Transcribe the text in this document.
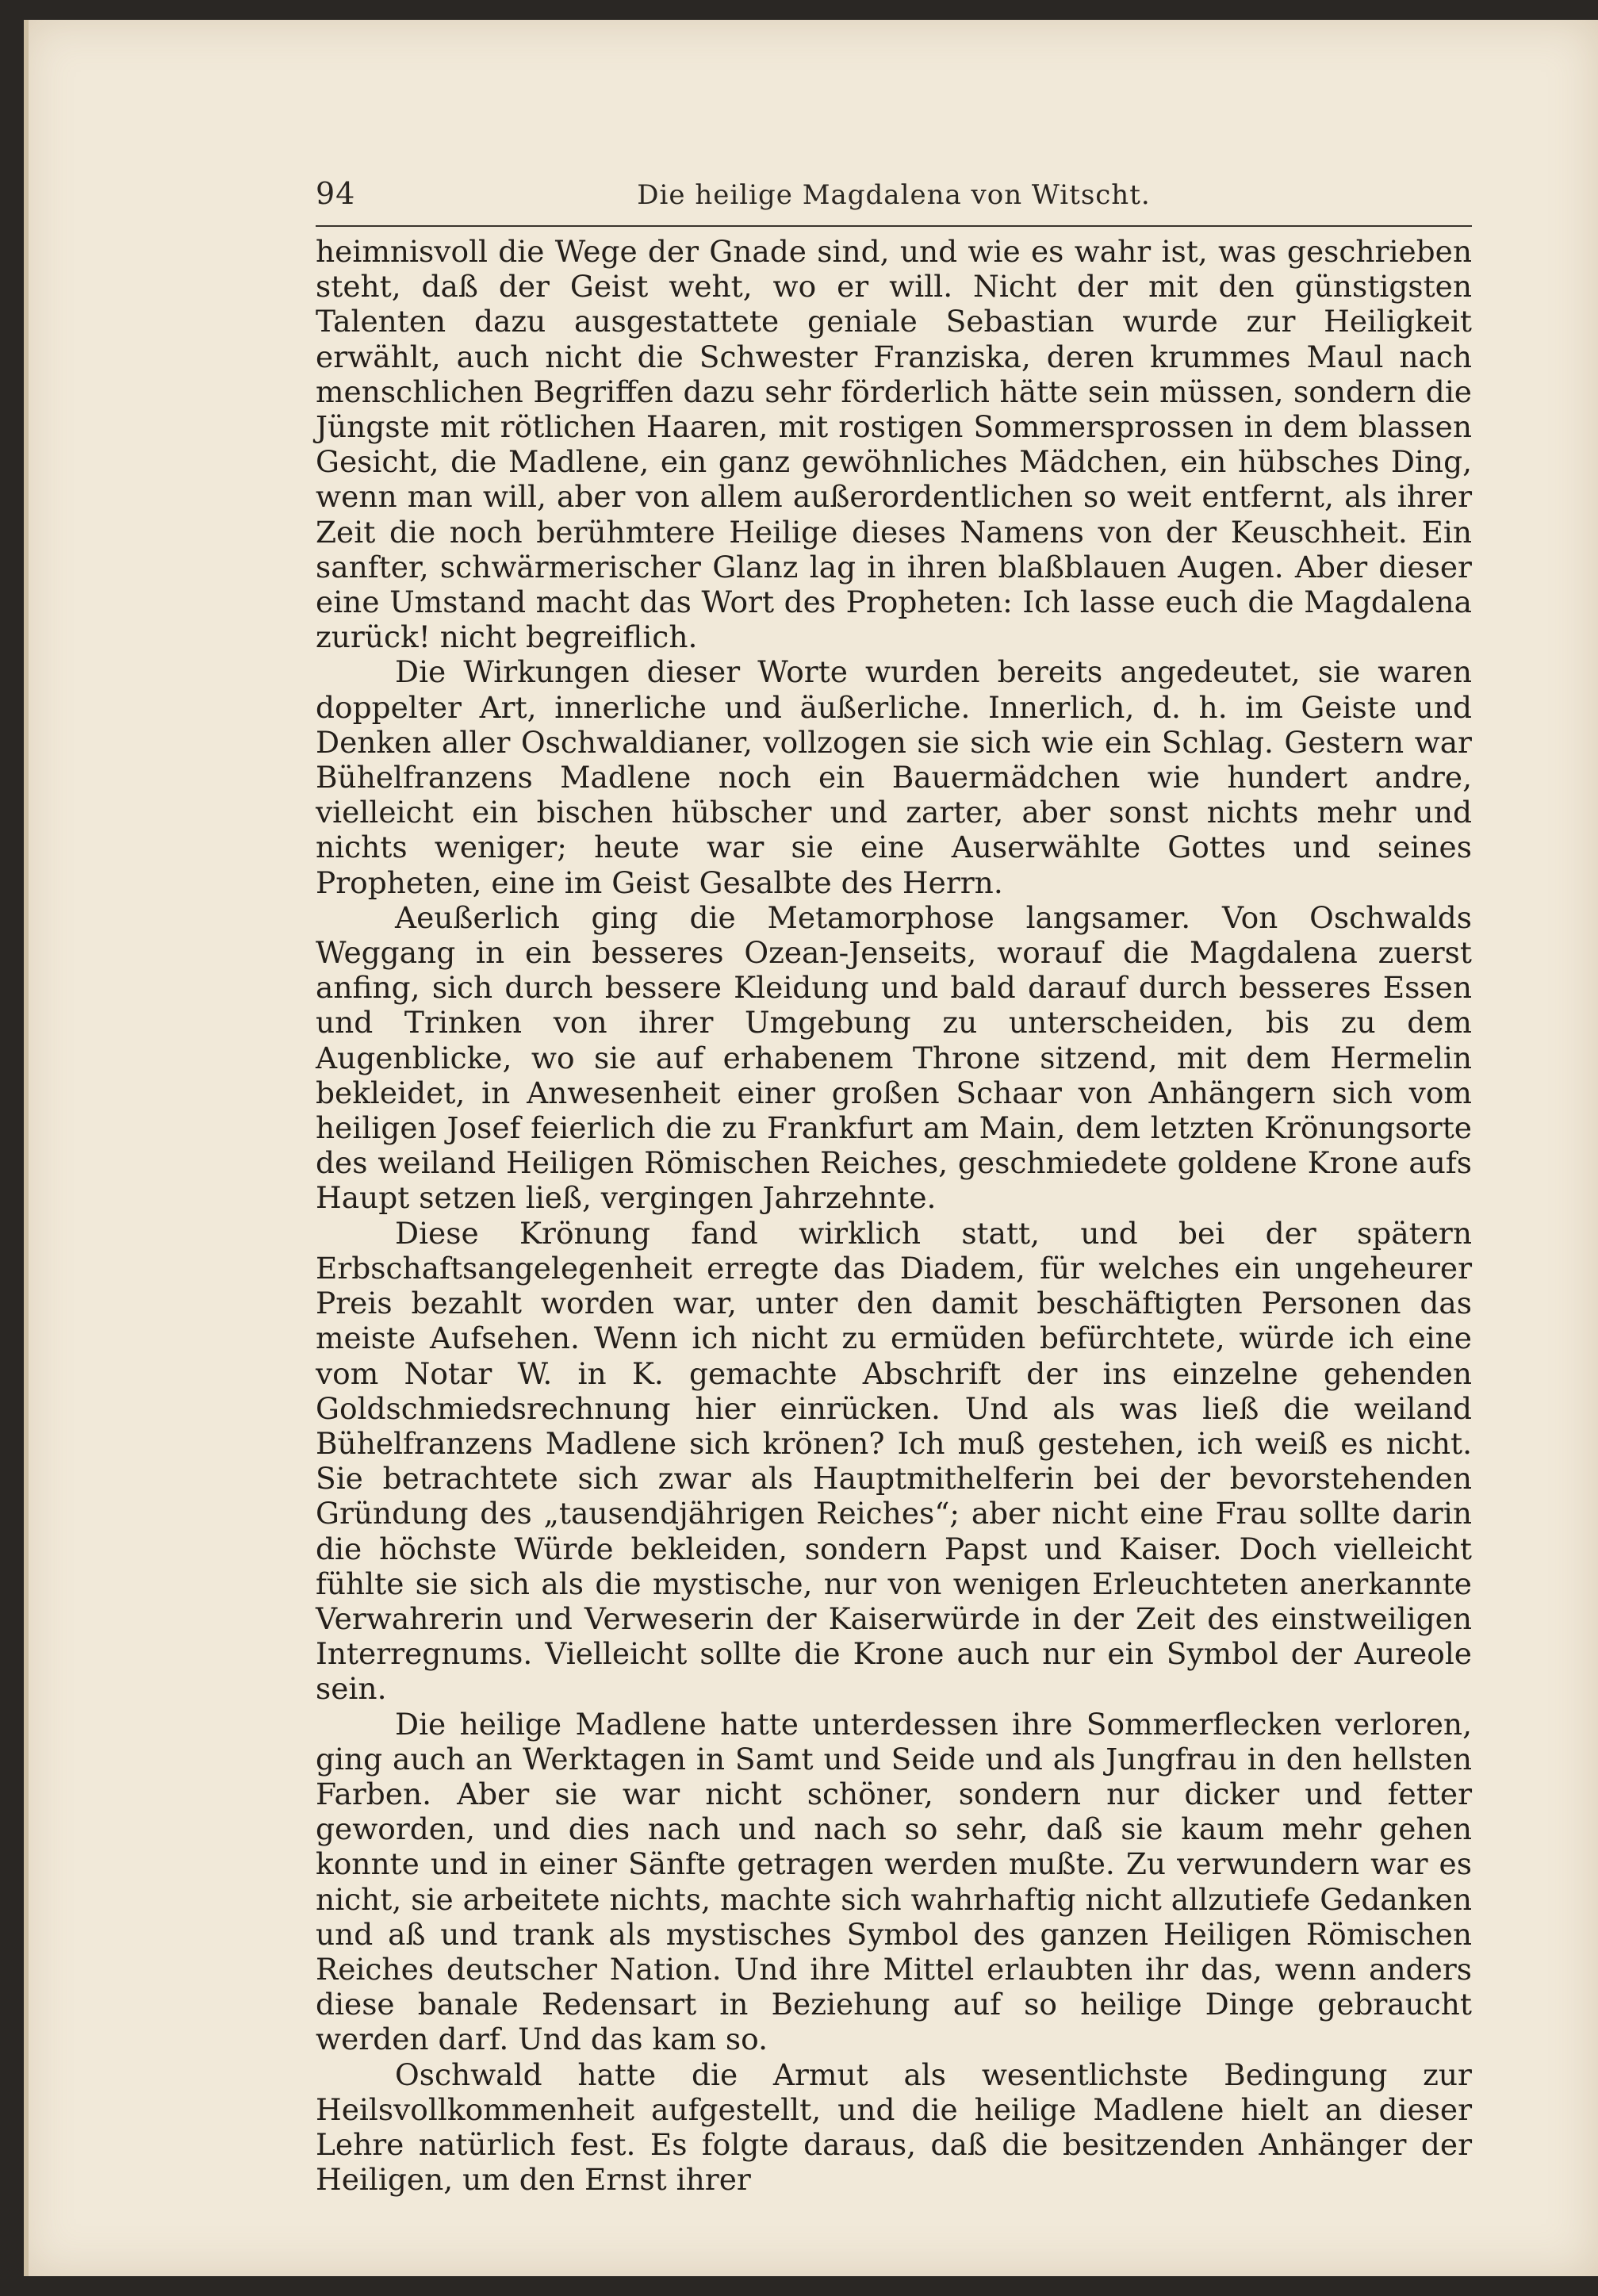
94	Die heilige Magdalena von Witscht.

heimnisvoll die Wege der Gnade sind, und wie es wahr ist, was geschrieben steht, daß der Geist weht, wo er will. Nicht der mit den günstigsten Talenten dazu ausgestattete geniale Sebastian wurde zur Heiligkeit erwählt, auch nicht die Schwester Franziska, deren krummes Maul nach menschlichen Begriffen dazu sehr förderlich hätte sein müssen, sondern die Jüngste mit rötlichen Haaren, mit rostigen Sommersprossen in dem blassen Gesicht, die Madlene, ein ganz gewöhnliches Mädchen, ein hübsches Ding, wenn man will, aber von allem außerordentlichen so weit entfernt, als ihrer Zeit die noch berühmtere Heilige dieses Namens von der Keuschheit. Ein sanfter, schwärmerischer Glanz lag in ihren blaßblauen Augen. Aber dieser eine Umstand macht das Wort des Propheten: Ich lasse euch die Magdalena zurück! nicht begreiflich.

Die Wirkungen dieser Worte wurden bereits angedeutet, sie waren doppelter Art, innerliche und äußerliche. Innerlich, d. h. im Geiste und Denken aller Oschwaldianer, vollzogen sie sich wie ein Schlag. Gestern war Bühelfranzens Madlene noch ein Bauermädchen wie hundert andre, vielleicht ein bischen hübscher und zarter, aber sonst nichts mehr und nichts weniger; heute war sie eine Auserwählte Gottes und seines Propheten, eine im Geist Gesalbte des Herrn.

Aeußerlich ging die Metamorphose langsamer. Von Oschwalds Weggang in ein besseres Ozean-Jenseits, worauf die Magdalena zuerst anfing, sich durch bessere Kleidung und bald darauf durch besseres Essen und Trinken von ihrer Umgebung zu unterscheiden, bis zu dem Augenblicke, wo sie auf erhabenem Throne sitzend, mit dem Hermelin bekleidet, in Anwesenheit einer großen Schaar von Anhängern sich vom heiligen Josef feierlich die zu Frankfurt am Main, dem letzten Krönungsorte des weiland Heiligen Römischen Reiches, geschmiedete goldene Krone aufs Haupt setzen ließ, vergingen Jahrzehnte.

Diese Krönung fand wirklich statt, und bei der spätern Erbschaftsangelegenheit erregte das Diadem, für welches ein ungeheurer Preis bezahlt worden war, unter den damit beschäftigten Personen das meiste Aufsehen. Wenn ich nicht zu ermüden befürchtete, würde ich eine vom Notar W. in K. gemachte Abschrift der ins einzelne gehenden Goldschmiedsrechnung hier einrücken. Und als was ließ die weiland Bühelfranzens Madlene sich krönen? Ich muß gestehen, ich weiß es nicht. Sie betrachtete sich zwar als Hauptmithelferin bei der bevorstehenden Gründung des „tausendjährigen Reiches“; aber nicht eine Frau sollte darin die höchste Würde bekleiden, sondern Papst und Kaiser. Doch vielleicht fühlte sie sich als die mystische, nur von wenigen Erleuchteten anerkannte Verwahrerin und Verweserin der Kaiserwürde in der Zeit des einstweiligen Interregnums. Vielleicht sollte die Krone auch nur ein Symbol der Aureole sein.

Die heilige Madlene hatte unterdessen ihre Sommerflecken verloren, ging auch an Werktagen in Samt und Seide und als Jungfrau in den hellsten Farben. Aber sie war nicht schöner, sondern nur dicker und fetter geworden, und dies nach und nach so sehr, daß sie kaum mehr gehen konnte und in einer Sänfte getragen werden mußte. Zu verwundern war es nicht, sie arbeitete nichts, machte sich wahrhaftig nicht allzutiefe Gedanken und aß und trank als mystisches Symbol des ganzen Heiligen Römischen Reiches deutscher Nation. Und ihre Mittel erlaubten ihr das, wenn anders diese banale Redensart in Beziehung auf so heilige Dinge gebraucht werden darf. Und das kam so.

Oschwald hatte die Armut als wesentlichste Bedingung zur Heilsvollkommenheit aufgestellt, und die heilige Madlene hielt an dieser Lehre natürlich fest. Es folgte daraus, daß die besitzenden Anhänger der Heiligen, um den Ernst ihrer
